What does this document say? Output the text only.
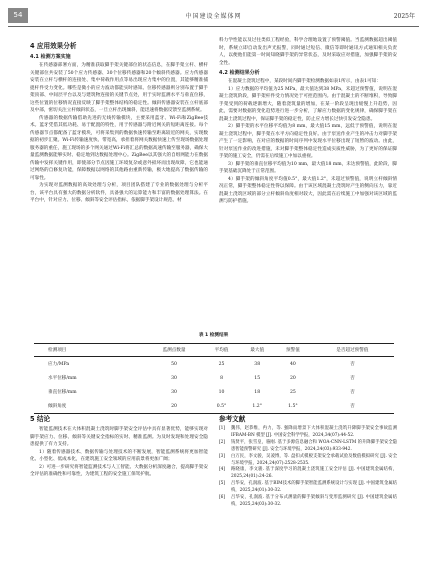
54	中国建设全媒体网	2025年
4 应用效果分析
4.1 检测方案实施

在传感器部署方面，为精准获取脚手架关键部位的状态信息，在脚手架立杆、横杆关键部位共安装了50个应力传感器、30个位移传感器和20个倾斜传感器。应力传感器安装在立杆与横杆的连接处、集中荷载作用点等易出现应力集中的位置，其能够精准捕捉杆件受力变化。哪些是微小的应力波动都能实时感知。位移传感器则分别布置于脚手架顶部、中间层平台以及与建筑物连接的关键节点处，用于实时监测水平与垂直位移，这些位置的位移情况直接反映了脚手架整体结构的稳定性。倾斜传感器安装在立杆底部及中部，密切关注立杆倾斜状态，一旦立杆出现倾斜，能迅速将数据反馈至监测系统。

传感器的数据传输借助先进的无线传输模块，主要采用蓝牙、Wi-Fi和ZigBee技术。蓝牙凭借其低功耗、易于配置的特性，用于传感器与附近网关的短距离连接。每个传感器节点都配备了蓝牙模块，可将采集到的数据快速传输至距离较近的网关，实现数据的初步汇聚。Wi-Fi传输速度快、带宽高，承担着将网关数据快速上传至现场数据处理服务器的重任，施工现场的多个网关通过Wi-Fi将汇总的数据高速传输至服务器，确保大量监测数据能够实时、稳定地到达数据处理中心。ZigBee以其强大的自组网能力在数据传输中发挥关键作用，即使部分节点因施工环境复杂或意外损坏而出现故障，它也能通过网络的自修复功能，保障数据以网络的其他路由重新传输，极大地提高了数据传输的可靠性。

为实现对监测数据的高效处理与分析，项目团队搭建了专业的数据处理与分析平台，该平台具有强大的数据分析软件，具备强大的运算能力和丰富的数据处理算法。在平台中，针对应力、位移、倾斜等安全评估指标，依据脚手架设计规范、材

料力学性能以及过往类似工程经验，科学合理地设置了预警阈值。当监测数据超出阈值时，系统立即自动发出声光报警，同时通过短信、微信等即时通讯方式通知相关负责人，以便他们能第一时间知晓脚手架的异常状态，及时采取应对措施，加强脚手架的安全性。

4.2 检测结果分析

在混凝土浇筑过程中，某段时间内脚手架检测数据如表1所示，由表1可知：

1）应力数据的平均值为25 MPa，最大值达到38 MPa，未超过预警值，说明在混凝土浇筑阶段，脚手架杆件受力情况处于可控范围内。由于混凝土的不断堆积，导致脚手架受到的荷载逐渐增大，随着浇筑量的增加，在某一阶段呈现出缓慢上升趋势，因此，需要对数据的变化趋势进行进一步分析，了解应力数据的变化规律，确保脚手架在混凝土浇筑过程中，保证脚手架的稳定性，防止应力增长过快引发安全隐患。

2）脚手架的水平位移平均值为8 mm，最大值15 mm，远低于预警值，说明在混凝土浇筑过程中，脚手架在水平方向稳定性良好。由于泵送作业产生的冲击力对脚手架产生了一定影响，在对应的数据的时间序列中发现水平位移出现了短暂的波动。由此，针对泵送作业的改进措施，未对脚手架整体稳定性造成实质性威胁，为了更好的保证脚手架的施工安全，仍需在后续施工中加以重视。

3）脚手架的垂直位移平均值为10 mm，最大值18 mm，未达预警值，此阶段，脚手架基础沉降处于正常范围。

4）脚手架的倾斜角度平均值0.5°，最大值1.2°，未超过预警值，说明立杆倾斜情况正常，脚手架整体稳定性得以保障。由于该区域混凝土浇筑时产生的侧向压力，靠近混凝土浇筑区域的部分立杆倾斜角度相对较大，因此需在后续施工中加强对该区域的监测与防护措施。

表 1 检测结果
检测项目	监测点数量	平均值	最大值	预警值	是否超过预警值
应力/MPa	50	25	38	40	否
水平位移/mm	30	8	15	20	否
垂直位移/mm	30	10	18	25	否
倾斜角度	20	0.5°	1.2°	1.5°	否
5 结论

智能监测技术在大体积混凝土浇筑时脚手架安全评估中具有显著优势，能够实现对脚手架应力、位移、倾斜等关键安全指标的实时、精准监测。为及时发现和处理安全隐患提供了有力支持。

1）随着传感器技术、数据传输与处理技术的不断发展，智能监测系统将更加智能化、小型化、低成本化，在建筑施工安全领域的应用前景将更加广阔；

2）可进一步研究将智能监测技术与人工智能、大数据分析深度融合，提高脚手架安全评估的准确性和可靠性，为建筑工程的安全施工保驾护航。

参考文献
[1]	魏伟，赵恭维，冉力，等. 强降雨增景下大体积混凝土浇筑升降脚手架安全事故监测 IFBAM-BN 模型 [J]. 中国安全科学学报，2024,34(07):44-52.
[2]	钱贤平，张雪皇，骆刚. 基于多源信息融合和 WOA-CNN-LSTM 的升降脚手架安全隐患智能预警研究 [J]. 安全与环境学报，2024,24(03):933-942.
[3]	白万民，李文骏，吴凌博，等. 盘扣式模板支架安全承载试验及数值模拟研究 [J]. 安全与环境学报，2024,24(07):2528-2535.
[4]	路晓康，李文骏. 基于深度学习的混凝土浇筑施工安全评估 [J]. 中国建筑金属结构，2025,24(01):24-26.
[5]	吕华安，孔润波. 基于BIM技术的脚手架智能监测系统设计与实现 [J]. 中国建筑金属结构，2025,24(01):30-32.
[6]	吕华安，孔润波. 基于分布式测量的脚手架倾斜与变形监测研究 [J]. 中国建筑金属结构，2025,24(03):30-32.
